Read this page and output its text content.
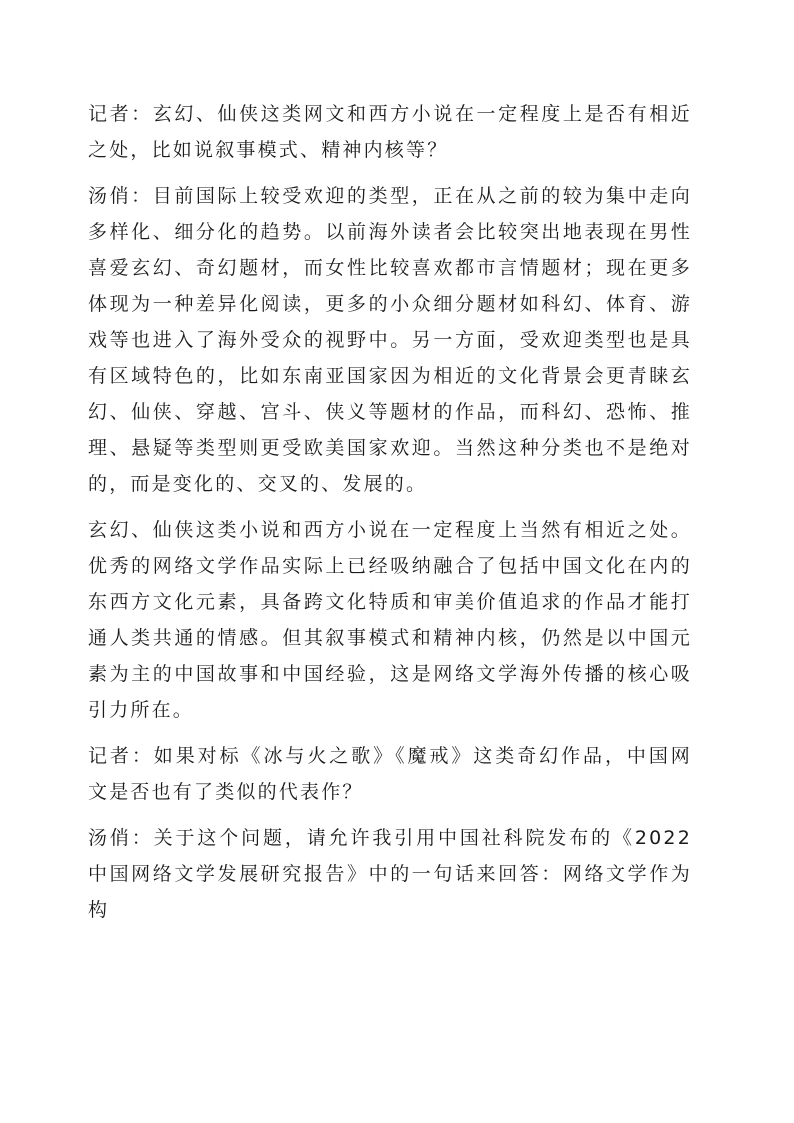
记者：玄幻、仙侠这类网文和西方小说在一定程度上是否有相近之处，比如说叙事模式、精神内核等？

汤俏：目前国际上较受欢迎的类型，正在从之前的较为集中走向多样化、细分化的趋势。以前海外读者会比较突出地表现在男性喜爱玄幻、奇幻题材，而女性比较喜欢都市言情题材；现在更多体现为一种差异化阅读，更多的小众细分题材如科幻、体育、游戏等也进入了海外受众的视野中。另一方面，受欢迎类型也是具有区域特色的，比如东南亚国家因为相近的文化背景会更青睐玄幻、仙侠、穿越、宫斗、侠义等题材的作品，而科幻、恐怖、推理、悬疑等类型则更受欧美国家欢迎。当然这种分类也不是绝对的，而是变化的、交叉的、发展的。

玄幻、仙侠这类小说和西方小说在一定程度上当然有相近之处。优秀的网络文学作品实际上已经吸纳融合了包括中国文化在内的东西方文化元素，具备跨文化特质和审美价值追求的作品才能打通人类共通的情感。但其叙事模式和精神内核，仍然是以中国元素为主的中国故事和中国经验，这是网络文学海外传播的核心吸引力所在。

记者：如果对标《冰与火之歌》《魔戒》这类奇幻作品，中国网文是否也有了类似的代表作？

汤俏：关于这个问题，请允许我引用中国社科院发布的《2022中国网络文学发展研究报告》中的一句话来回答：网络文学作为构
